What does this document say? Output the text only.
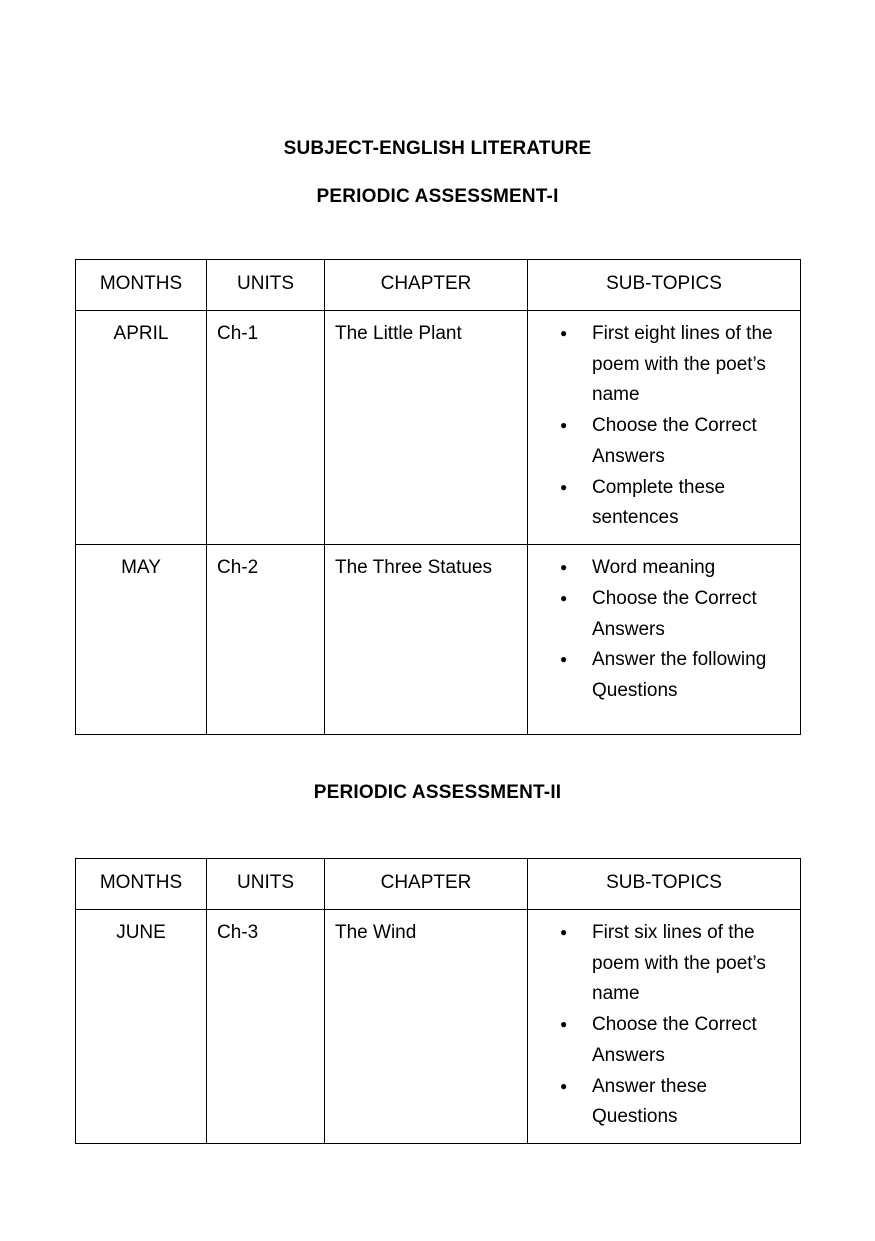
SUBJECT-ENGLISH LITERATURE
PERIODIC ASSESSMENT-I
MONTHS	UNITS	CHAPTER	SUB-TOPICS
APRIL	Ch-1	The Little Plant	
●First eight lines of the poem with the poet’s name
● Choose the Correct Answers
● Complete these sentences

MAY	Ch-2	The Three Statues	
●Word meaning
● Choose the Correct Answers
● Answer the following Questions
PERIODIC ASSESSMENT-II
MONTHS	UNITS	CHAPTER	SUB-TOPICS
JUNE	Ch-3	The Wind	
●First six lines of the poem with the poet’s name
● Choose the Correct Answers
● Answer these Questions
